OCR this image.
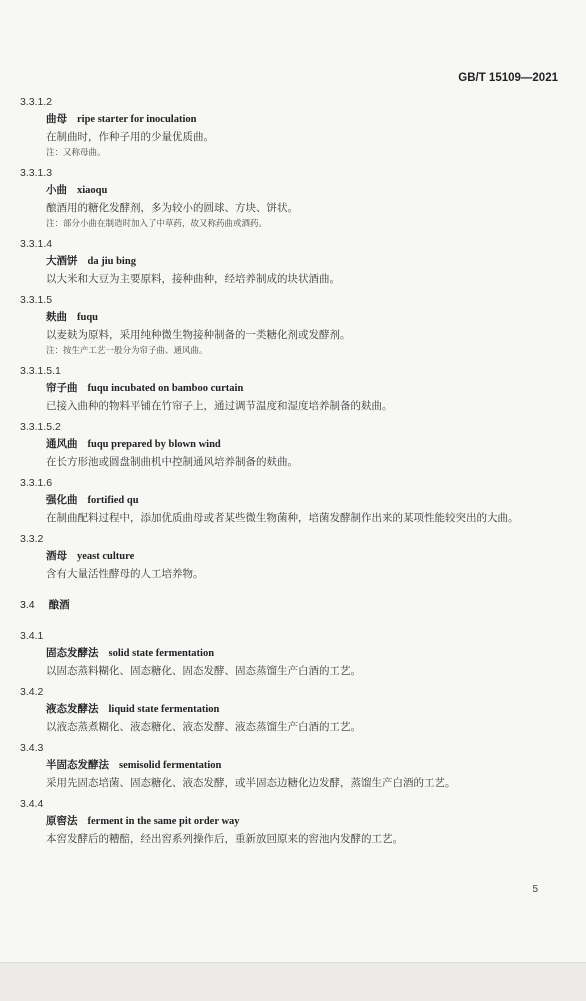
GB/T 15109—2021
3.3.1.2
曲母 ripe starter for inoculation
在制曲时，作种子用的少量优质曲。
注：又称母曲。
3.3.1.3
小曲 xiaoqu
酿酒用的糖化发酵剂，多为较小的圆球、方块、饼状。
注：部分小曲在制造时加入了中草药，故又称药曲或酒药。
3.3.1.4
大酒饼 da jiu bing
以大米和大豆为主要原料，接种曲种，经培养制成的块状酒曲。
3.3.1.5
麸曲 fuqu
以麦麸为原料，采用纯种微生物接种制备的一类糖化剂或发酵剂。
注：按生产工艺一般分为帘子曲、通风曲。
3.3.1.5.1
帘子曲 fuqu incubated on bamboo curtain
已接入曲种的物料平铺在竹帘子上，通过调节温度和湿度培养制备的麸曲。
3.3.1.5.2
通风曲 fuqu prepared by blown wind
在长方形池或圆盘制曲机中控制通风培养制备的麸曲。
3.3.1.6
强化曲 fortified qu
在制曲配料过程中，添加优质曲母或者某些微生物菌种，培菌发酵制作出来的某项性能较突出的大曲。
3.3.2
酒母 yeast culture
含有大量活性酵母的人工培养物。
3.4 酿酒
3.4.1
固态发酵法 solid state fermentation
以固态蒸料糊化、固态糖化、固态发酵、固态蒸馏生产白酒的工艺。
3.4.2
液态发酵法 liquid state fermentation
以液态蒸煮糊化、液态糖化、液态发酵、液态蒸馏生产白酒的工艺。
3.4.3
半固态发酵法 semisolid fermentation
采用先固态培菌、固态糖化、液态发酵，或半固态边糖化边发酵，蒸馏生产白酒的工艺。
3.4.4
原窖法 ferment in the same pit order way
本窖发酵后的糟醅，经出窖系列操作后，重新放回原来的窖池内发酵的工艺。
5
